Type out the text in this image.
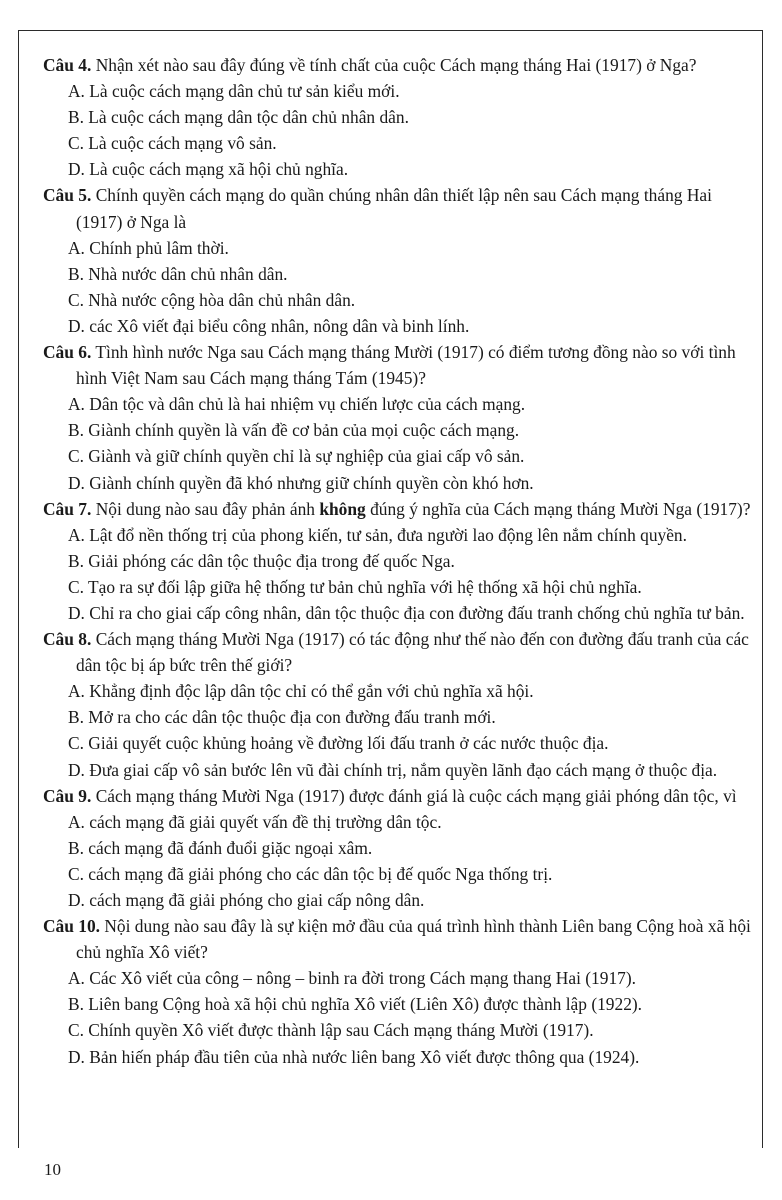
Câu 4. Nhận xét nào sau đây đúng về tính chất của cuộc Cách mạng tháng Hai (1917) ở Nga?

A. Là cuộc cách mạng dân chủ tư sản kiểu mới.

B. Là cuộc cách mạng dân tộc dân chủ nhân dân.

C. Là cuộc cách mạng vô sản.

D. Là cuộc cách mạng xã hội chủ nghĩa.

Câu 5. Chính quyền cách mạng do quần chúng nhân dân thiết lập nên sau Cách mạng tháng Hai (1917) ở Nga là

A. Chính phủ lâm thời.

B. Nhà nước dân chủ nhân dân.

C. Nhà nước cộng hòa dân chủ nhân dân.

D. các Xô viết đại biểu công nhân, nông dân và binh lính.

Câu 6. Tình hình nước Nga sau Cách mạng tháng Mười (1917) có điểm tương đồng nào so với tình hình Việt Nam sau Cách mạng tháng Tám (1945)?

A. Dân tộc và dân chủ là hai nhiệm vụ chiến lược của cách mạng.

B. Giành chính quyền là vấn đề cơ bản của mọi cuộc cách mạng.

C. Giành và giữ chính quyền chỉ là sự nghiệp của giai cấp vô sản.

D. Giành chính quyền đã khó nhưng giữ chính quyền còn khó hơn.

Câu 7. Nội dung nào sau đây phản ánh không đúng ý nghĩa của Cách mạng tháng Mười Nga (1917)?

A. Lật đổ nền thống trị của phong kiến, tư sản, đưa người lao động lên nắm chính quyền.

B. Giải phóng các dân tộc thuộc địa trong đế quốc Nga.

C. Tạo ra sự đối lập giữa hệ thống tư bản chủ nghĩa với hệ thống xã hội chủ nghĩa.

D. Chỉ ra cho giai cấp công nhân, dân tộc thuộc địa con đường đấu tranh chống chủ nghĩa tư bản.

Câu 8. Cách mạng tháng Mười Nga (1917) có tác động như thế nào đến con đường đấu tranh của các dân tộc bị áp bức trên thế giới?

A. Khẳng định độc lập dân tộc chỉ có thể gắn với chủ nghĩa xã hội.

B. Mở ra cho các dân tộc thuộc địa con đường đấu tranh mới.

C. Giải quyết cuộc khủng hoảng về đường lối đấu tranh ở các nước thuộc địa.

D. Đưa giai cấp vô sản bước lên vũ đài chính trị, nắm quyền lãnh đạo cách mạng ở thuộc địa.

Câu 9. Cách mạng tháng Mười Nga (1917) được đánh giá là cuộc cách mạng giải phóng dân tộc, vì

A. cách mạng đã giải quyết vấn đề thị trường dân tộc.

B. cách mạng đã đánh đuổi giặc ngoại xâm.

C. cách mạng đã giải phóng cho các dân tộc bị đế quốc Nga thống trị.

D. cách mạng đã giải phóng cho giai cấp nông dân.

Câu 10. Nội dung nào sau đây là sự kiện mở đầu của quá trình hình thành Liên bang Cộng hoà xã hội chủ nghĩa Xô viết?

A. Các Xô viết của công – nông – binh ra đời trong Cách mạng thang Hai (1917).

B. Liên bang Cộng hoà xã hội chủ nghĩa Xô viết (Liên Xô) được thành lập (1922).

C. Chính quyền Xô viết được thành lập sau Cách mạng tháng Mười (1917).

D. Bản hiến pháp đầu tiên của nhà nước liên bang Xô viết được thông qua (1924).

10
